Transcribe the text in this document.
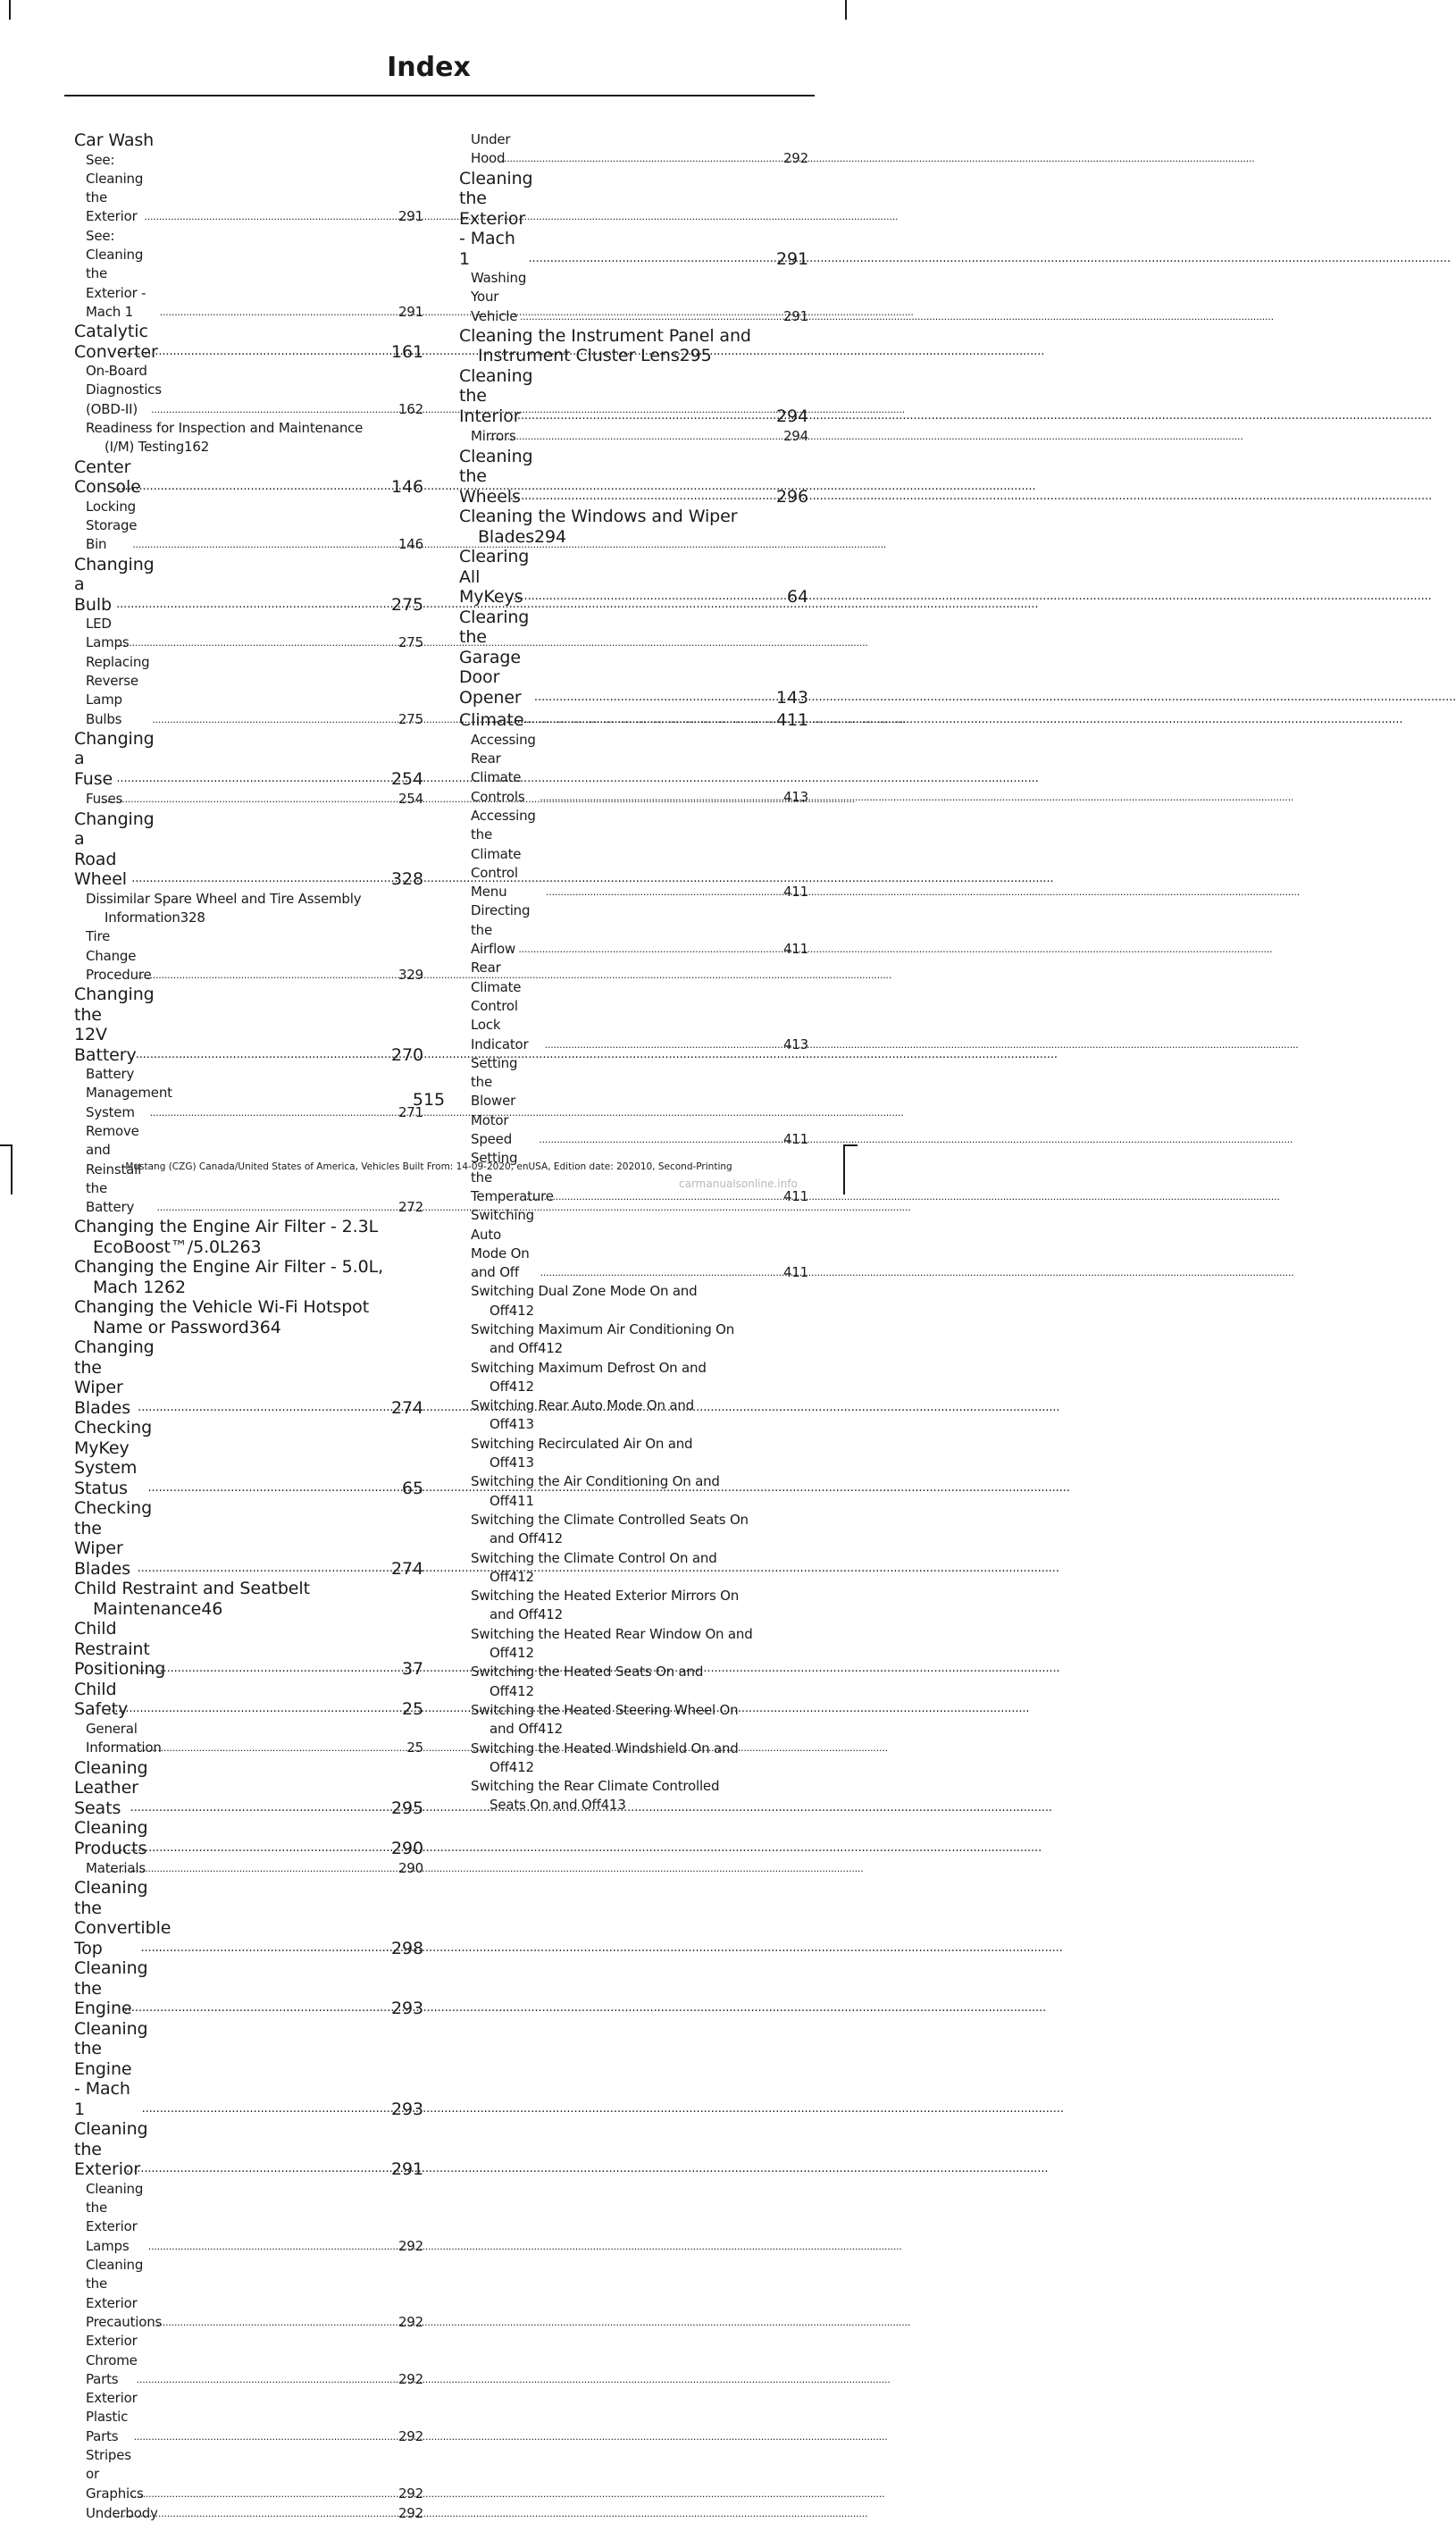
Index
Car Wash
See: Cleaning the Exterior .....	291
See: Cleaning the Exterior - Mach 1 .....	291
Catalytic Converter .....	161
On-Board Diagnostics (OBD-II) .....	162
Readiness for Inspection and Maintenance
(I/M) Testing 162
Center Console .....	146
Locking Storage Bin .....	146
Changing a Bulb .....	275
LED Lamps .....	275
Replacing Reverse Lamp Bulbs .....	275
Changing a Fuse .....	254
Fuses .....	254
Changing a Road Wheel .....	328
Dissimilar Spare Wheel and Tire Assembly
Information 328
Tire Change Procedure .....	329
Changing the 12V Battery .....	270
Battery Management System .....	271
Remove and Reinstall the Battery .....	272
Changing the Engine Air Filter - 2.3L
EcoBoost™/5.0L 263
Changing the Engine Air Filter - 5.0L,
Mach 1 262
Changing the Vehicle Wi-Fi Hotspot
Name or Password 364
Changing the Wiper Blades .....	274
Checking MyKey System Status .....	65
Checking the Wiper Blades .....	274
Child Restraint and Seatbelt
Maintenance 46
Child Restraint Positioning .....	37
Child Safety .....	25
General Information .....	25
Cleaning Leather Seats .....	295
Cleaning Products .....	290
Materials .....	290
Cleaning the Convertible Top .....	298
Cleaning the Engine .....	293
Cleaning the Engine - Mach 1 .....	293
Cleaning the Exterior .....	291
Cleaning the Exterior Lamps .....	292
Cleaning the Exterior Precautions .....	292
Exterior Chrome Parts .....	292
Exterior Plastic Parts .....	292
Stripes or Graphics .....	292
Underbody .....	292
Under Hood .....	292
Cleaning the Exterior - Mach 1 .....	291
Washing Your Vehicle .....	291
Cleaning the Instrument Panel and
Instrument Cluster Lens 295
Cleaning the Interior .....	294
Mirrors .....	294
Cleaning the Wheels .....	296
Cleaning the Windows and Wiper
Blades 294
Clearing All MyKeys .....	64
Clearing the Garage Door Opener .....	143
Climate .....	411
Accessing Rear Climate Controls .....	413
Accessing the Climate Control Menu .....	411
Directing the Airflow .....	411
Rear Climate Control Lock Indicator .....	413
Setting the Blower Motor Speed .....	411
Setting the Temperature .....	411
Switching Auto Mode On and Off .....	411
Switching Dual Zone Mode On and
Off 412
Switching Maximum Air Conditioning On
and Off 412
Switching Maximum Defrost On and
Off 412
Switching Rear Auto Mode On and
Off 413
Switching Recirculated Air On and
Off 413
Switching the Air Conditioning On and
Off 411
Switching the Climate Controlled Seats On
and Off 412
Switching the Climate Control On and
Off 412
Switching the Heated Exterior Mirrors On
and Off 412
Switching the Heated Rear Window On and
Off 412
Switching the Heated Seats On and
Off 412
Switching the Heated Steering Wheel On
and Off 412
Switching the Heated Windshield On and
Off 412
Switching the Rear Climate Controlled
Seats On and Off 413
515
Mustang (CZG) Canada/United States of America, Vehicles Built From: 14-09-2020, enUSA, Edition date: 202010, Second-Printing
carmanualsonline.info
